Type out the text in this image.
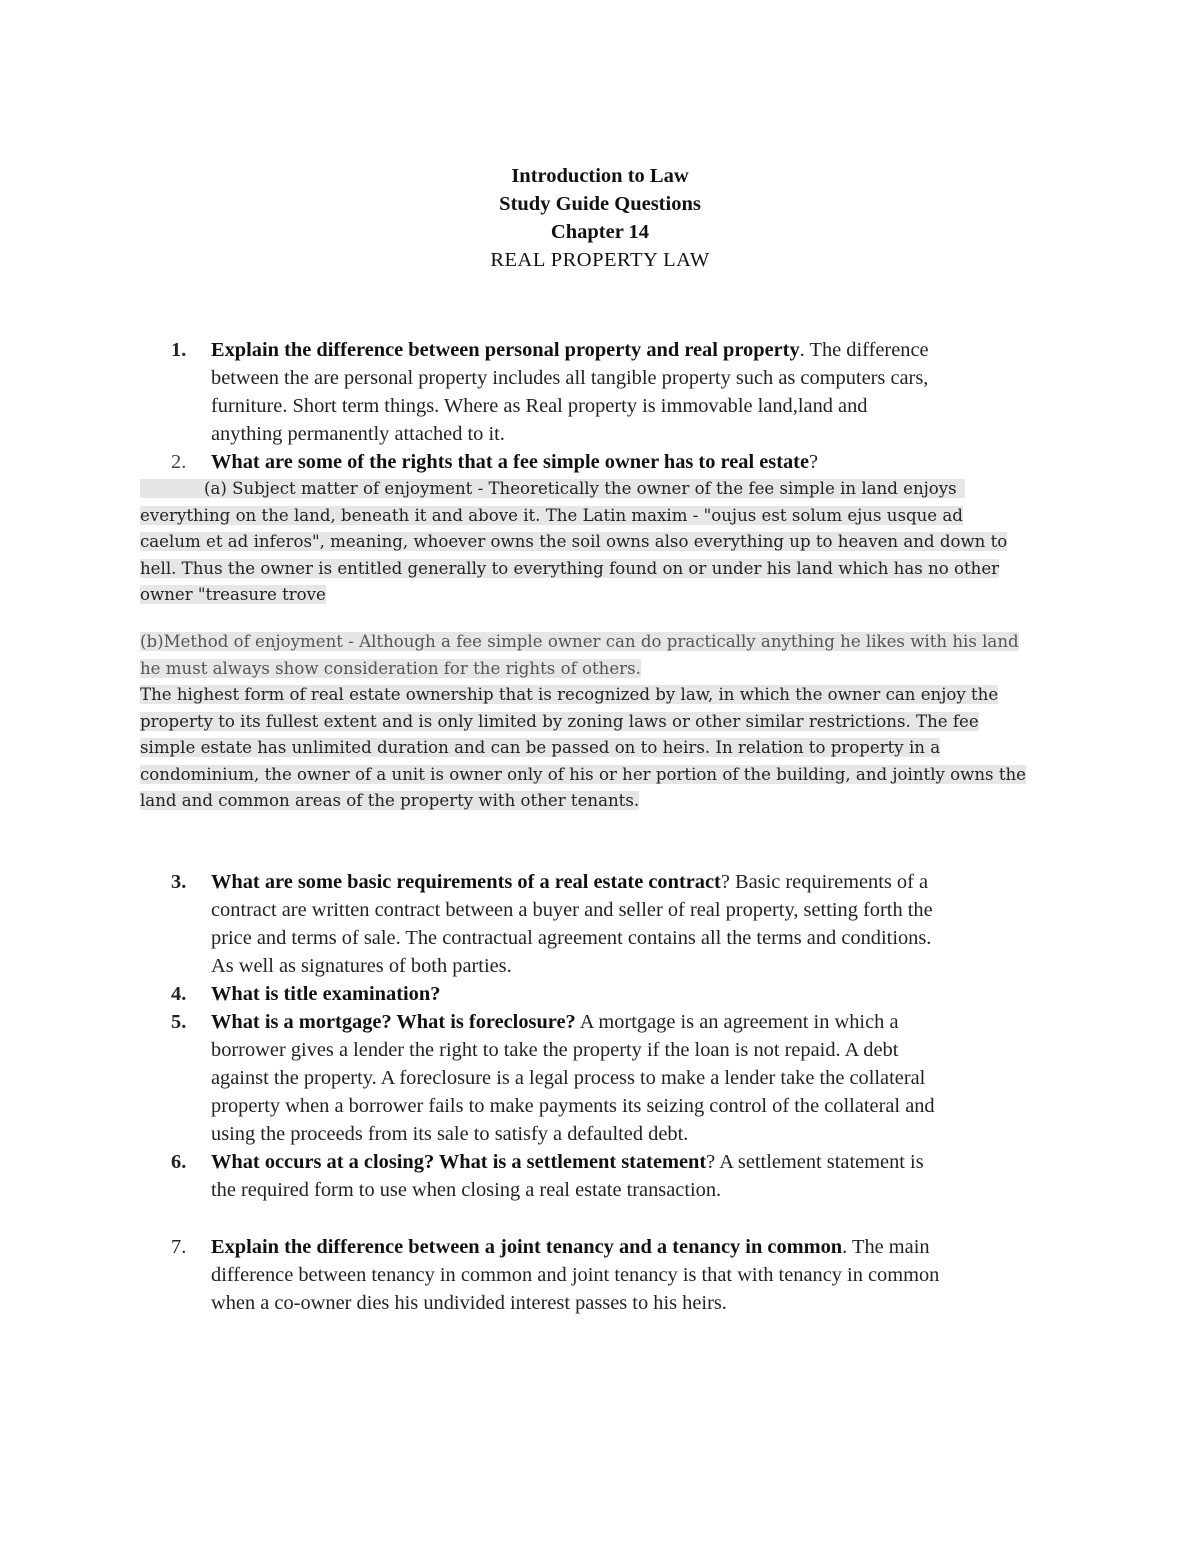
Introduction to Law
Study Guide Questions
Chapter 14
REAL PROPERTY LAW
1.	Explain the difference between personal property and real property. The difference
between the are personal property includes all tangible property such as computers cars,
furniture. Short term things. Where as Real property is immovable land,land and
anything permanently attached to it.
2.	What are some of the rights that a fee simple owner has to real estate?
(a) Subject matter of enjoyment - Theoretically the owner of the fee simple in land enjoys
everything on the land, beneath it and above it. The Latin maxim - "oujus est solum ejus usque ad
caelum et ad inferos", meaning, whoever owns the soil owns also everything up to heaven and down to
hell. Thus the owner is entitled generally to everything found on or under his land which has no other
owner "treasure trove
(b)Method of enjoyment - Although a fee simple owner can do practically anything he likes with his land
he must always show consideration for the rights of others.
The highest form of real estate ownership that is recognized by law, in which the owner can enjoy the
property to its fullest extent and is only limited by zoning laws or other similar restrictions. The fee
simple estate has unlimited duration and can be passed on to heirs. In relation to property in a
condominium, the owner of a unit is owner only of his or her portion of the building, and jointly owns the
land and common areas of the property with other tenants.
3.	What are some basic requirements of a real estate contract? Basic requirements of a
contract are written contract between a buyer and seller of real property, setting forth the
price and terms of sale. The contractual agreement contains all the terms and conditions.
As well as signatures of both parties.
4.	What is title examination?
5.	What is a mortgage? What is foreclosure? A mortgage is an agreement in which a
borrower gives a lender the right to take the property if the loan is not repaid. A debt
against the property. A foreclosure is a legal process to make a lender take the collateral
property when a borrower fails to make payments its seizing control of the collateral and
using the proceeds from its sale to satisfy a defaulted debt.
6.	What occurs at a closing? What is a settlement statement? A settlement statement is
the required form to use when closing a real estate transaction.
7.	Explain the difference between a joint tenancy and a tenancy in common. The main
difference between tenancy in common and joint tenancy is that with tenancy in common
when a co-owner dies his undivided interest passes to his heirs.
